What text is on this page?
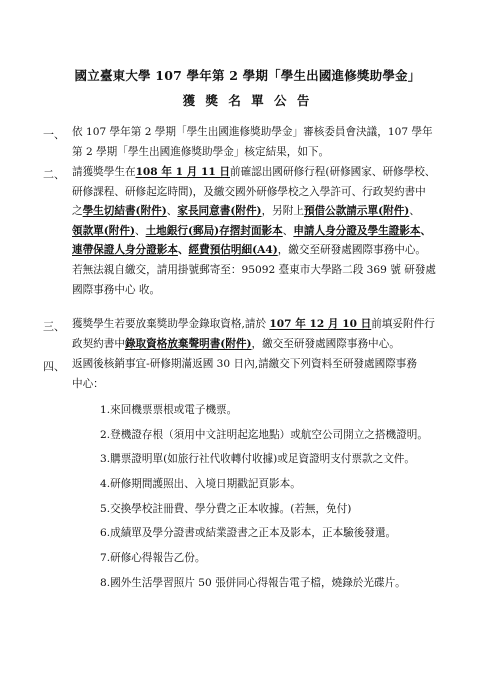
國立臺東大學 107 學年第 2 學期「學生出國進修獎助學金」
獲 獎 名 單 公 告
一、 依 107 學年第 2 學期「學生出國進修獎助學金」審核委員會決議，107 學年
第 2 學期「學生出國進修獎助學金」核定結果，如下。
二、 請獲獎學生在108 年 1 月 11 日前確認出國研修行程(研修國家、研修學校、
研修課程、研修起迄時間)，及繳交國外研修學校之入學許可、行政契約書中
之學生切結書(附件)、家長同意書(附件)，另附上預借公款請示單(附件)、
領款單(附件)、土地銀行(郵局)存摺封面影本、申請人身分證及學生證影本、
連帶保證人身分證影本、經費預估明細(A4)，繳交至研發處國際事務中心。
若無法親自繳交，請用掛號郵寄至：95092 臺東市大學路二段 369 號 研發處
國際事務中心 收。
三、 獲獎學生若要放棄獎助學金錄取資格,請於 107 年 12 月 10 日前填妥附件行
政契約書中錄取資格放棄聲明書(附件)，繳交至研發處國際事務中心。
四、 返國後核銷事宜-研修期滿返國 30 日內,請繳交下列資料至研發處國際事務
中心：
1.來回機票票根或電子機票。
2.登機證存根（須用中文註明起迄地點）或航空公司開立之搭機證明。
3.購票證明單(如旅行社代收轉付收據)或足資證明支付票款之文件。
4.研修期間護照出、入境日期戳記頁影本。
5.交換學校註冊費、學分費之正本收據。(若無，免付)
6.成績單及學分證書或結業證書之正本及影本，正本驗後發還。
7.研修心得報告乙份。
8.國外生活學習照片 50 張併同心得報告電子檔，燒錄於光碟片。
